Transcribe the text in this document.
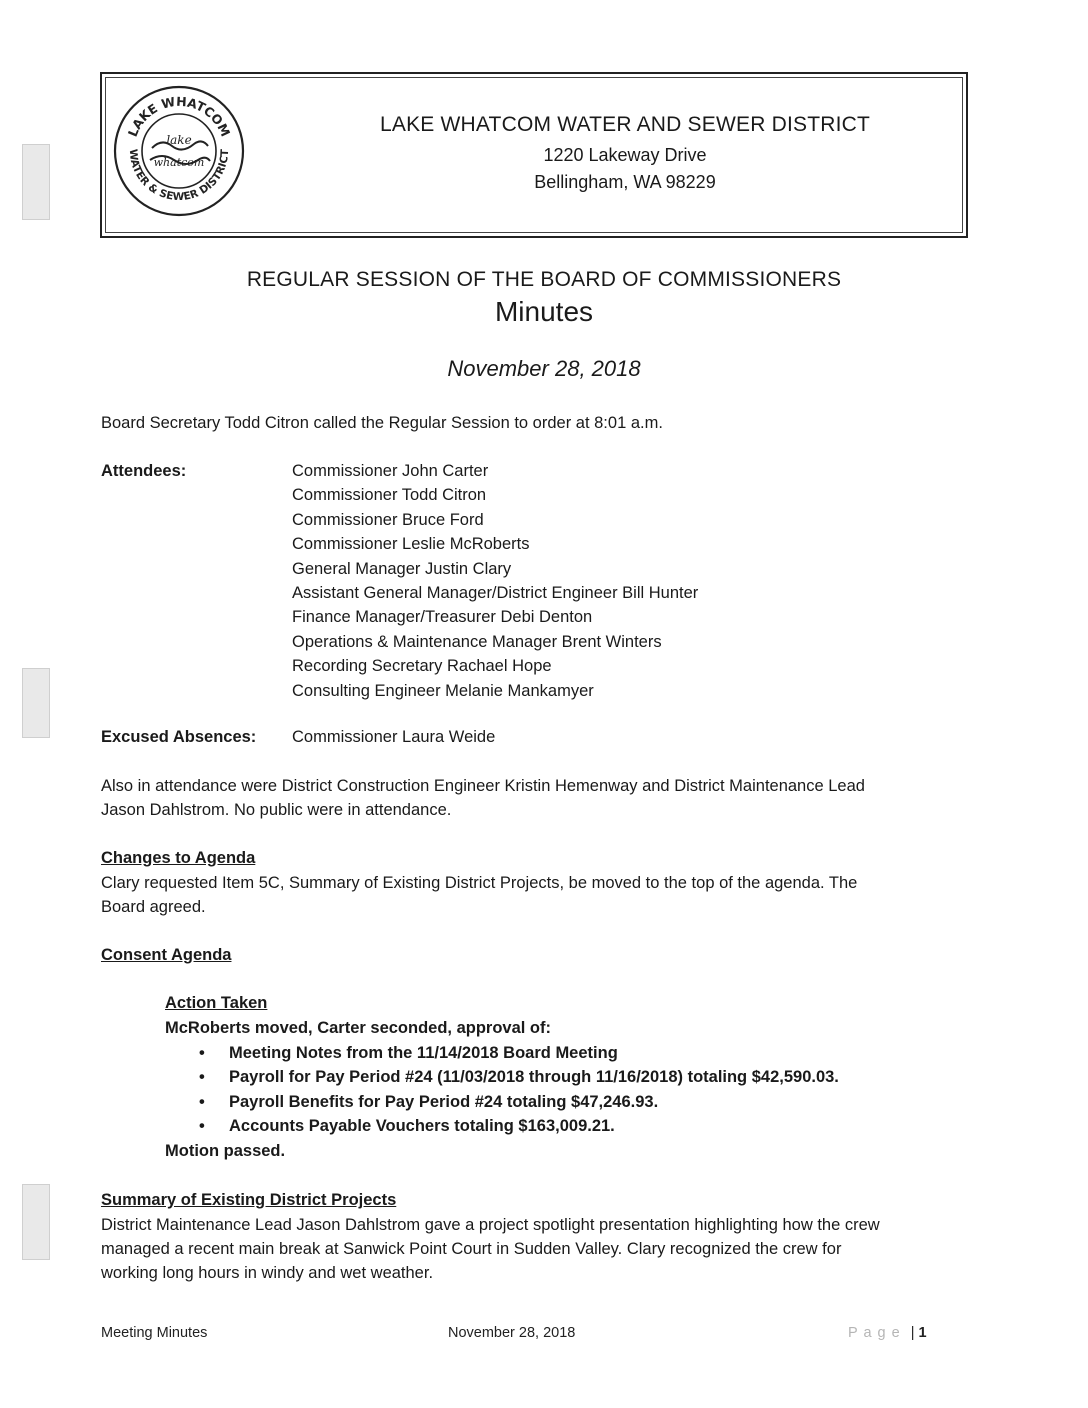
LAKE WHATCOM
WATER & SEWER DISTRICT
lake
whatcom
LAKE WHATCOM WATER AND SEWER DISTRICT
1220 Lakeway Drive
Bellingham, WA 98229
REGULAR SESSION OF THE BOARD OF COMMISSIONERS
Minutes
November 28, 2018
Board Secretary Todd Citron called the Regular Session to order at 8:01 a.m.
Attendees:	Commissioner John Carter
Commissioner Todd Citron
Commissioner Bruce Ford
Commissioner Leslie McRoberts
General Manager Justin Clary
Assistant General Manager/District Engineer Bill Hunter
Finance Manager/Treasurer Debi Denton
Operations & Maintenance Manager Brent Winters
Recording Secretary Rachael Hope
Consulting Engineer Melanie Mankamyer
Excused Absences: Commissioner Laura Weide
Also in attendance were District Construction Engineer Kristin Hemenway and District Maintenance Lead
Jason Dahlstrom. No public were in attendance.
Changes to Agenda
Clary requested Item 5C, Summary of Existing District Projects, be moved to the top of the agenda. The
Board agreed.
Consent Agenda
Action Taken
McRoberts moved, Carter seconded, approval of:
• Meeting Notes from the 11/14/2018 Board Meeting
• Payroll for Pay Period #24 (11/03/2018 through 11/16/2018) totaling $42,590.03.
• Payroll Benefits for Pay Period #24 totaling $47,246.93.
• Accounts Payable Vouchers totaling $163,009.21.
Motion passed.
Summary of Existing District Projects
District Maintenance Lead Jason Dahlstrom gave a project spotlight presentation highlighting how the crew
managed a recent main break at Sanwick Point Court in Sudden Valley. Clary recognized the crew for
working long hours in windy and wet weather.
Meeting Minutes	November 28, 2018	P a g e | 1
